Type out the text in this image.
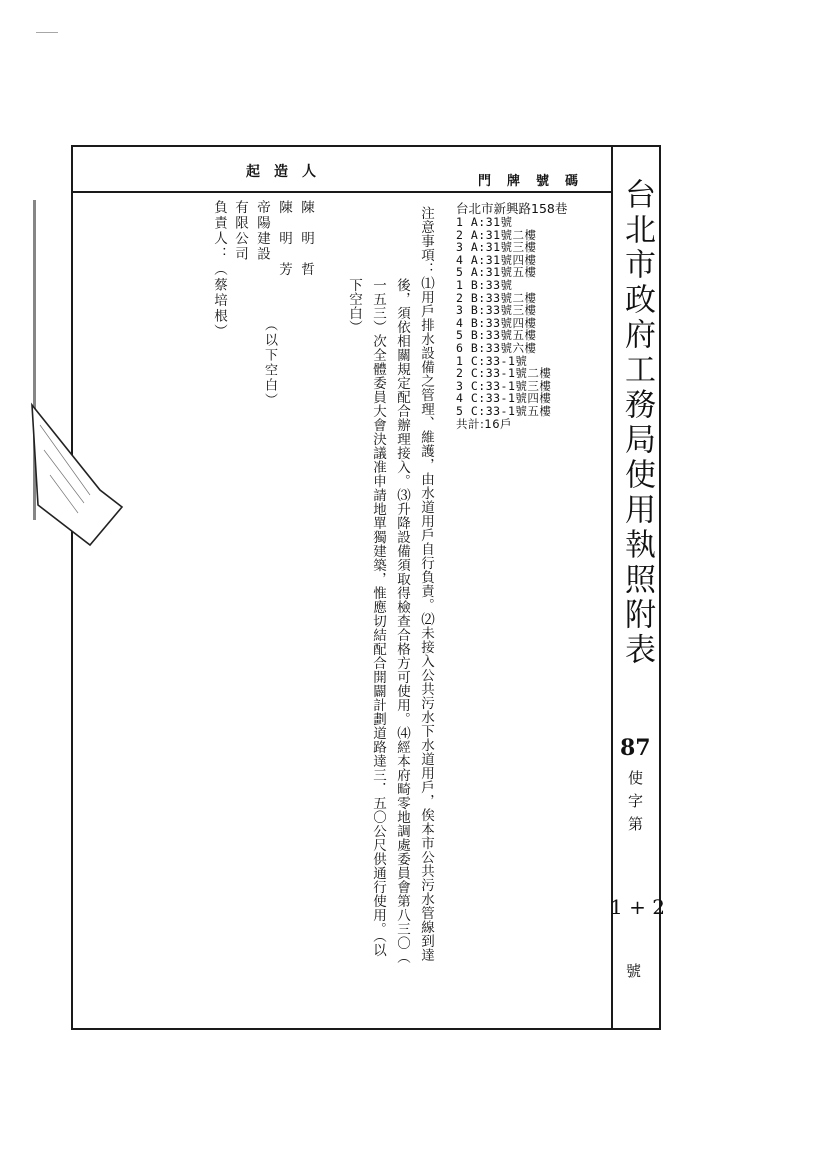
起造人
門牌號碼 台北市政府工務局使用執照附表
87
使字第
1 + 2
號
陳　明　哲
陳　明　芳
帝陽建設
有限公司
負責人：（蔡培根）
（以下空白）
台北市新興路158巷
1 A:31號
2 A:31號二樓
3 A:31號三樓
4 A:31號四樓
5 A:31號五樓
1 B:33號
2 B:33號二樓
3 B:33號三樓
4 B:33號四樓
5 B:33號五樓
6 B:33號六樓
1 C:33-1號
2 C:33-1號二樓
3 C:33-1號三樓
4 C:33-1號四樓
5 C:33-1號五樓
共計:16戶
注意事項：⑴用戶排水設備之管理、維護，由水道用戶自行負責。⑵未接入公共污水下水道用戶，俟本市公共污水管線到達
後，須依相關規定配合辦理接入。⑶升降設備須取得檢查合格方可使用。⑷經本府畸零地調處委員會第八三〇（
一五三）次全體委員大會決議准申請地單獨建築，惟應切結配合開闢計劃道路達三．五〇公尺供通行使用。（以
下空白）
